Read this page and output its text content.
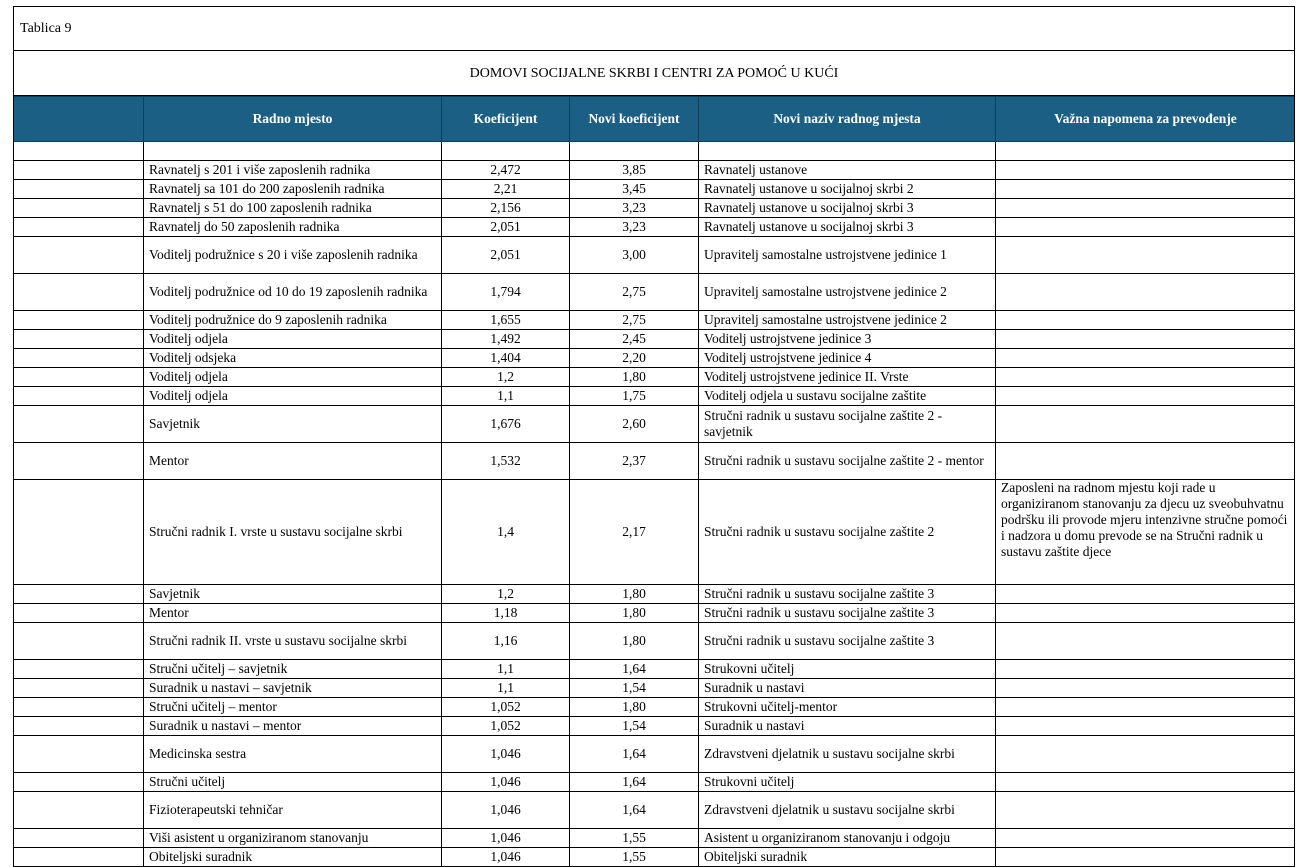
Tablica 9
DOMOVI SOCIJALNE SKRBI I CENTRI ZA POMOĆ U KUĆI
	Radno mjesto	Koeficijent	Novi koeficijent	Novi naziv radnog mjesta	Važna napomena za prevođenje

	Ravnatelj s 201 i više zaposlenih radnika	2,472	3,85	Ravnatelj ustanove	
	Ravnatelj sa 101 do 200 zaposlenih radnika	2,21	3,45	Ravnatelj ustanove u socijalnoj skrbi 2	
	Ravnatelj s 51 do 100 zaposlenih radnika	2,156	3,23	Ravnatelj ustanove u socijalnoj skrbi 3	
	Ravnatelj do 50 zaposlenih radnika	2,051	3,23	Ravnatelj ustanove u socijalnoj skrbi 3	
	Voditelj podružnice s 20 i više zaposlenih radnika	2,051	3,00	Upravitelj samostalne ustrojstvene jedinice 1	
	Voditelj podružnice od 10 do 19 zaposlenih radnika	1,794	2,75	Upravitelj samostalne ustrojstvene jedinice 2	
	Voditelj podružnice do 9 zaposlenih radnika	1,655	2,75	Upravitelj samostalne ustrojstvene jedinice 2	
	Voditelj odjela	1,492	2,45	Voditelj ustrojstvene jedinice 3	
	Voditelj odsjeka	1,404	2,20	Voditelj ustrojstvene jedinice 4	
	Voditelj odjela	1,2	1,80	Voditelj ustrojstvene jedinice II. Vrste	
	Voditelj odjela	1,1	1,75	Voditelj odjela u sustavu socijalne zaštite	
	Savjetnik	1,676	2,60	Stručni radnik u sustavu socijalne zaštite 2 - savjetnik	
	Mentor	1,532	2,37	Stručni radnik u sustavu socijalne zaštite 2 - mentor	
	Stručni radnik I. vrste u sustavu socijalne skrbi	1,4	2,17	Stručni radnik u sustavu socijalne zaštite 2	Zaposleni na radnom mjestu koji rade u organiziranom stanovanju za djecu uz sveobuhvatnu podršku ili provode mjeru intenzivne stručne pomoći i nadzora u domu prevode se na Stručni radnik u sustavu zaštite djece
	Savjetnik	1,2	1,80	Stručni radnik u sustavu socijalne zaštite 3	
	Mentor	1,18	1,80	Stručni radnik u sustavu socijalne zaštite 3	
	Stručni radnik II. vrste u sustavu socijalne skrbi	1,16	1,80	Stručni radnik u sustavu socijalne zaštite 3	
	Stručni učitelj – savjetnik	1,1	1,64	Strukovni učitelj	
	Suradnik u nastavi – savjetnik	1,1	1,54	Suradnik u nastavi	
	Stručni učitelj – mentor	1,052	1,80	Strukovni učitelj-mentor	
	Suradnik u nastavi – mentor	1,052	1,54	Suradnik u nastavi	
	Medicinska sestra	1,046	1,64	Zdravstveni djelatnik u sustavu socijalne skrbi	
	Stručni učitelj	1,046	1,64	Strukovni učitelj	
	Fizioterapeutski tehničar	1,046	1,64	Zdravstveni djelatnik u sustavu socijalne skrbi	
	Viši asistent u organiziranom stanovanju	1,046	1,55	Asistent u organiziranom stanovanju i odgoju	
	Obiteljski suradnik	1,046	1,55	Obiteljski suradnik	
